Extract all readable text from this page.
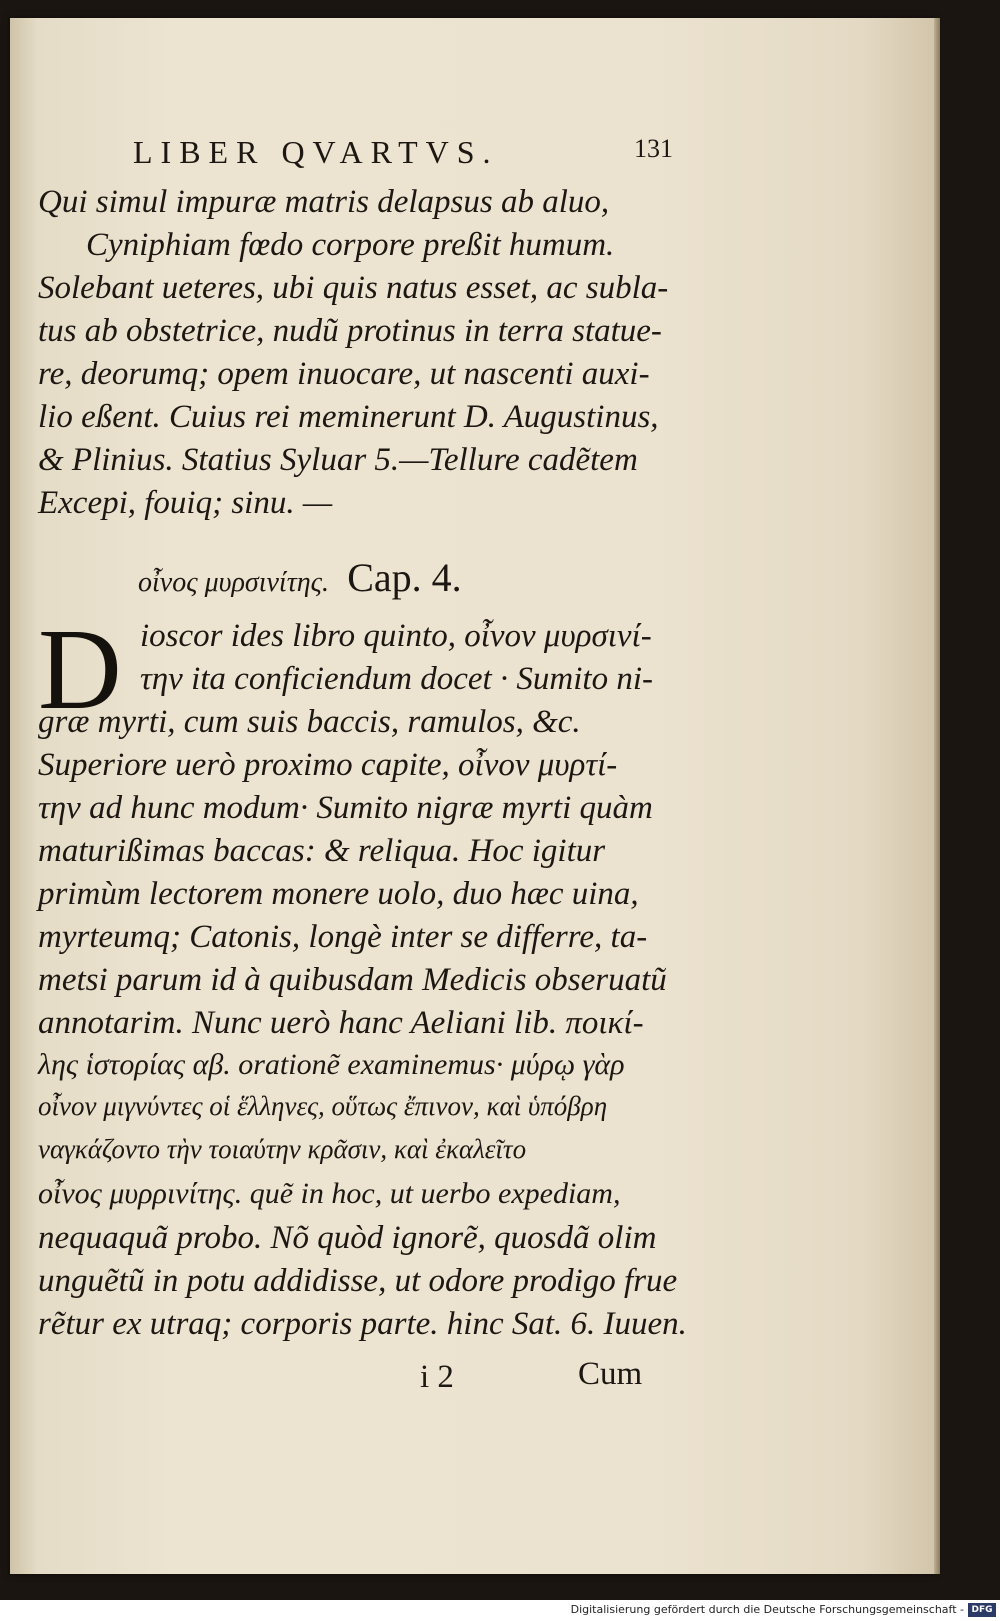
LIBER QVARTVS.	131
Qui simul impuræ matris delapsus ab aluo,
Cyniphiam fœdo corpore preßit humum.
Solebant ueteres, ubi quis natus esset, ac subla-
tus ab obstetrice, nudũ protinus in terra statue-
re, deorumq; opem inuocare, ut nascenti auxi-
lio eßent. Cuius rei meminerunt D. Augustinus,
& Plinius. Statius Syluar 5.—Tellure cadẽtem
Excepi, fouiq; sinu. —
οἶνος μυρσινίτης. Cap. 4.
D ioscor ides libro quinto, οἶνον μυρσινί-
την ita conficiendum docet · Sumito ni-
græ myrti, cum suis baccis, ramulos, &c.
Superiore uerò proximo capite, οἶνον μυρτί-
την ad hunc modum· Sumito nigræ myrti quàm
maturißimas baccas: & reliqua. Hoc igitur
primùm lectorem monere uolo, duo hæc uina,
myrteumq; Catonis, longè inter se differre, ta-
metsi parum id à quibusdam Medicis obseruatũ
annotarim. Nunc uerò hanc Aeliani lib. ποικί-
λης ἱστορίας αβ. orationẽ examinemus· μύρῳ γὰρ
οἶνον μιγνύντες οἱ ἕλληνες, οὕτως ἔπινον, καὶ ὑπόβρη
ναγκάζοντο τὴν τοιαύτην κρᾶσιν, καὶ ἐκαλεῖτο
οἶνος μυρρινίτης. quẽ in hoc, ut uerbo expediam,
nequaquã probo. Nõ quòd ignorẽ, quosdã olim
unguẽtũ in potu addidisse, ut odore prodigo frue
rẽtur ex utraq; corporis parte. hinc Sat. 6. Iuuen.
i 2	Cum
Digitalisierung gefördert durch die Deutsche Forschungsgemeinschaft - DFG
